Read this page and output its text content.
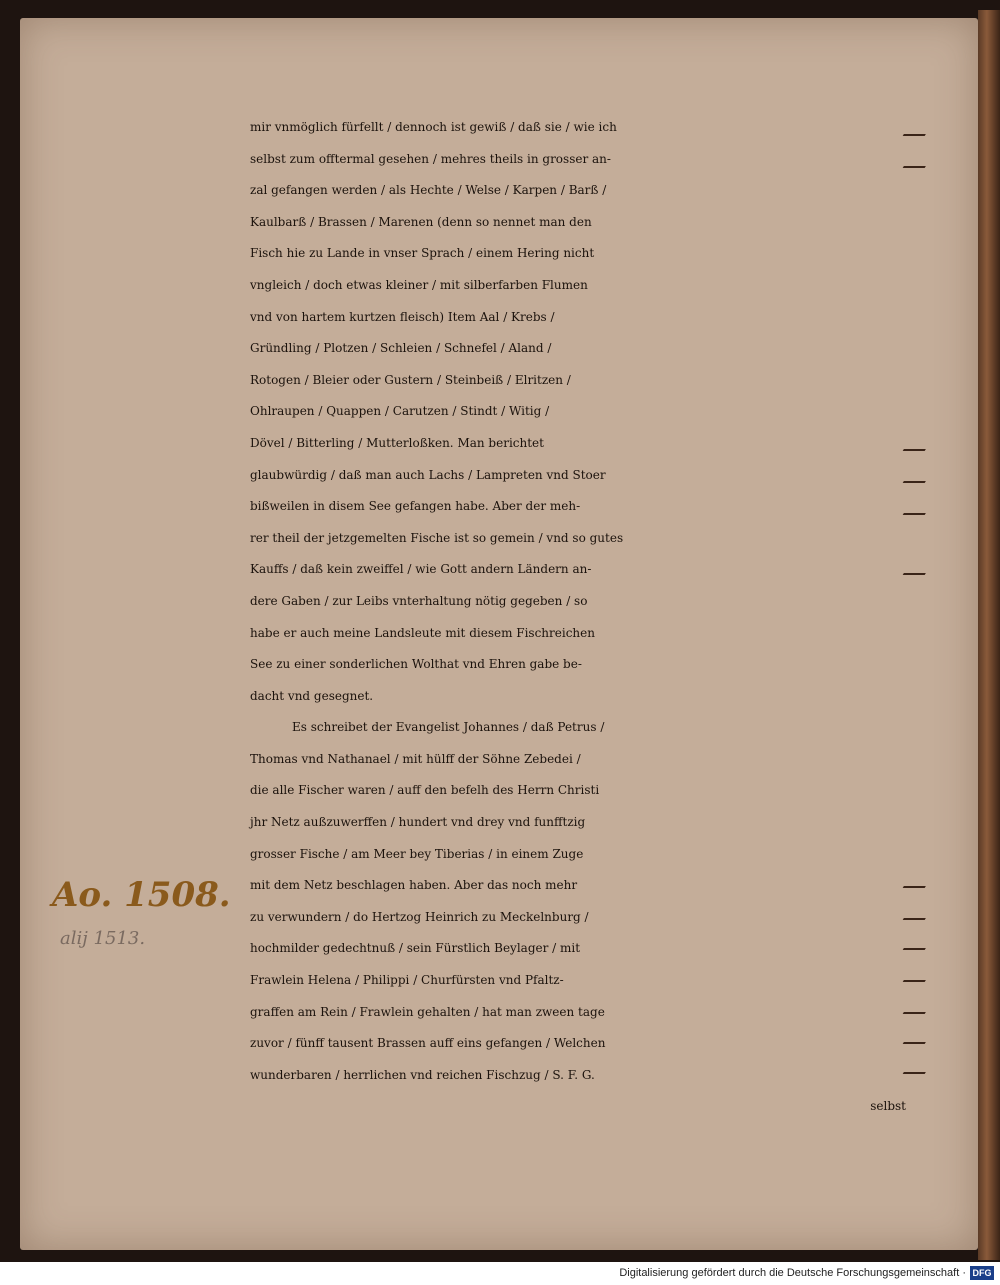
mir vnmöglich fürfellt / dennoch ist gewiß / daß sie / wie ich
selbst zum offtermal gesehen / mehres theils in grosser an-
zal gefangen werden / als Hechte / Welse / Karpen / Barß /
Kaulbarß / Brassen / Marenen (denn so nennet man den
Fisch hie zu Lande in vnser Sprach / einem Hering nicht
vngleich / doch etwas kleiner / mit silberfarben Flumen
vnd von hartem kurtzen fleisch) Item Aal / Krebs /
Gründling / Plotzen / Schleien / Schnefel / Aland /
Rotogen / Bleier oder Gustern / Steinbeiß / Elritzen /
Ohlraupen / Quappen / Carutzen / Stindt / Witig /
Dövel / Bitterling / Mutterloßken. Man berichtet
glaubwürdig / daß man auch Lachs / Lampreten vnd Stoer
bißweilen in disem See gefangen habe. Aber der meh-
rer theil der jetzgemelten Fische ist so gemein / vnd so gutes
Kauffs / daß kein zweiffel / wie Gott andern Ländern an-
dere Gaben / zur Leibs vnterhaltung nötig gegeben / so
habe er auch meine Landsleute mit diesem Fischreichen
See zu einer sonderlichen Wolthat vnd Ehren gabe be-
dacht vnd gesegnet.
Es schreibet der Evangelist Johannes / daß Petrus /
Thomas vnd Nathanael / mit hülff der Söhne Zebedei /
die alle Fischer waren / auff den befelh des Herrn Christi
jhr Netz außzuwerffen / hundert vnd drey vnd funfftzig
grosser Fische / am Meer bey Tiberias / in einem Zuge
mit dem Netz beschlagen haben. Aber das noch mehr
zu verwundern / do Hertzog Heinrich zu Meckelnburg /
hochmilder gedechtnuß / sein Fürstlich Beylager / mit
Frawlein Helena / Philippi / Churfürsten vnd Pfaltz-
graffen am Rein / Frawlein gehalten / hat man zween tage
zuvor / fünff tausent Brassen auff eins gefangen / Welchen
wunderbaren / herrlichen vnd reichen Fischzug / S. F. G.
selbst
Ao. 1508.
alij 1513.
Digitalisierung gefördert durch die Deutsche Forschungsgemeinschaft · DFG
